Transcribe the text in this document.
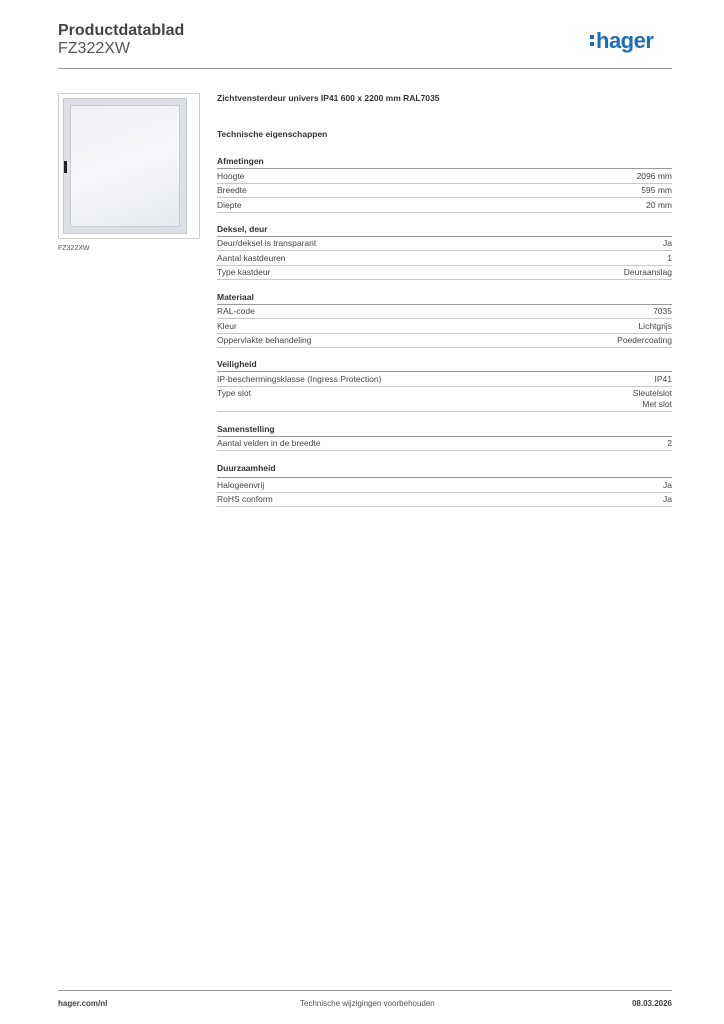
Productdatablad
FZ322XW	hager
FZ322XW
Zichtvensterdeur univers IP41 600 x 2200 mm RAL7035
Technische eigenschappen
Afmetingen
Hoogte	2096 mm
Breedte	595 mm
Diepte	20 mm
Deksel, deur
Deur/deksel is transparant	Ja
Aantal kastdeuren	1
Type kastdeur	Deuraanslag
Materiaal
RAL-code	7035
Kleur	Lichtgrijs
Oppervlakte behandeling	Poedercoating
Veiligheid
IP-beschermingsklasse (Ingress Protection)	IP41
Type slot	Sleutelslot
Met slot
Samenstelling
Aantal velden in de breedte	2
Duurzaamheid
Halogeenvrij	Ja
RoHS conform	Ja
hager.com/nl	Technische wijzigingen voorbehouden	08.03.2026
